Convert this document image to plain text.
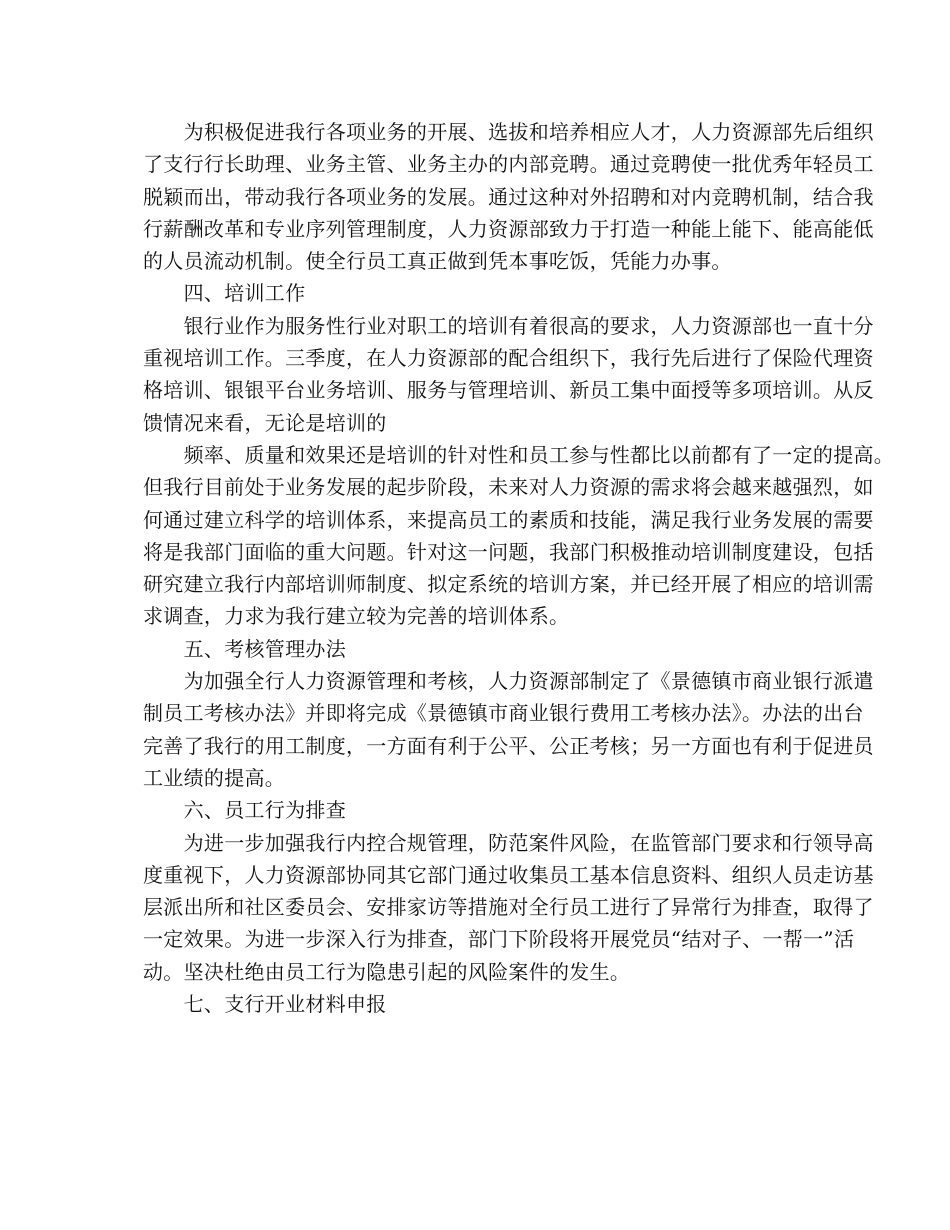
　　为积极促进我行各项业务的开展、选拔和培养相应人才，人力资源部先后组织
了支行行长助理、业务主管、业务主办的内部竞聘。通过竞聘使一批优秀年轻员工
脱颖而出，带动我行各项业务的发展。通过这种对外招聘和对内竞聘机制，结合我
行薪酬改革和专业序列管理制度，人力资源部致力于打造一种能上能下、能高能低
的人员流动机制。使全行员工真正做到凭本事吃饭，凭能力办事。
　　四、培训工作
　　银行业作为服务性行业对职工的培训有着很高的要求，人力资源部也一直十分
重视培训工作。三季度，在人力资源部的配合组织下，我行先后进行了保险代理资
格培训、银银平台业务培训、服务与管理培训、新员工集中面授等多项培训。从反
馈情况来看，无论是培训的
　　频率、质量和效果还是培训的针对性和员工参与性都比以前都有了一定的提高。
但我行目前处于业务发展的起步阶段，未来对人力资源的需求将会越来越强烈，如
何通过建立科学的培训体系，来提高员工的素质和技能，满足我行业务发展的需要
将是我部门面临的重大问题。针对这一问题，我部门积极推动培训制度建设，包括
研究建立我行内部培训师制度、拟定系统的培训方案，并已经开展了相应的培训需
求调查，力求为我行建立较为完善的培训体系。
　　五、考核管理办法
　　为加强全行人力资源管理和考核，人力资源部制定了《景德镇市商业银行派遣
制员工考核办法》并即将完成《景德镇市商业银行费用工考核办法》。办法的出台
完善了我行的用工制度，一方面有利于公平、公正考核；另一方面也有利于促进员
工业绩的提高。
　　六、员工行为排查
　　为进一步加强我行内控合规管理，防范案件风险，在监管部门要求和行领导高
度重视下，人力资源部协同其它部门通过收集员工基本信息资料、组织人员走访基
层派出所和社区委员会、安排家访等措施对全行员工进行了异常行为排查，取得了
一定效果。为进一步深入行为排查，部门下阶段将开展党员“结对子、一帮一”活
动。坚决杜绝由员工行为隐患引起的风险案件的发生。
　　七、支行开业材料申报
